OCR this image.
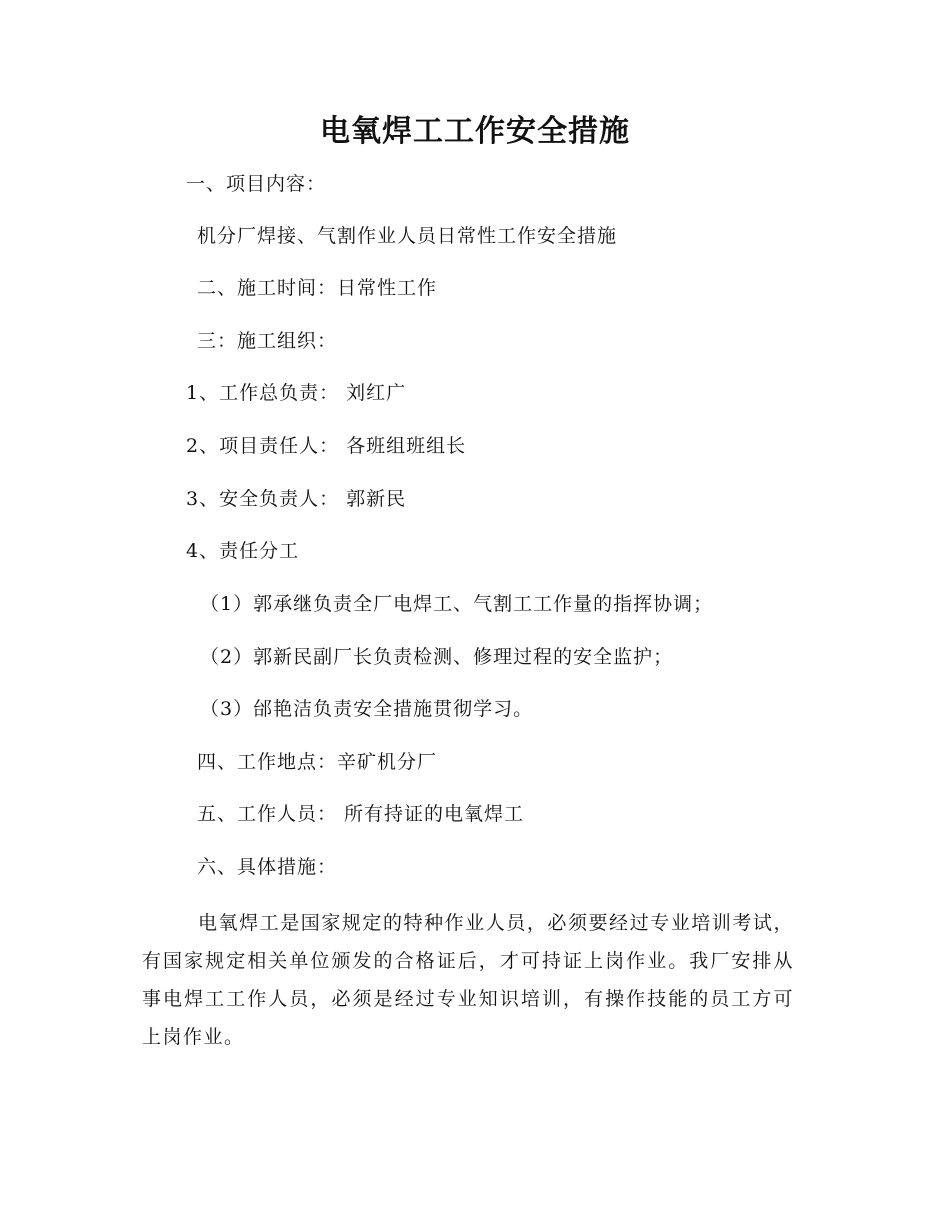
电氧焊工工作安全措施
一、项目内容：
机分厂焊接、气割作业人员日常性工作安全措施
二、施工时间：日常性工作
三：施工组织：
1、工作总负责： 刘红广
2、项目责任人： 各班组班组长
3、安全负责人： 郭新民
4、责任分工
（1）郭承继负责全厂电焊工、气割工工作量的指挥协调；
（2）郭新民副厂长负责检测、修理过程的安全监护；
（3）邰艳洁负责安全措施贯彻学习。
四、工作地点：辛矿机分厂
五、工作人员： 所有持证的电氧焊工
六、具体措施：
电氧焊工是国家规定的特种作业人员，必须要经过专业培训考试，有国家规定相关单位颁发的合格证后，才可持证上岗作业。我厂安排从事电焊工工作人员，必须是经过专业知识培训，有操作技能的员工方可上岗作业。
